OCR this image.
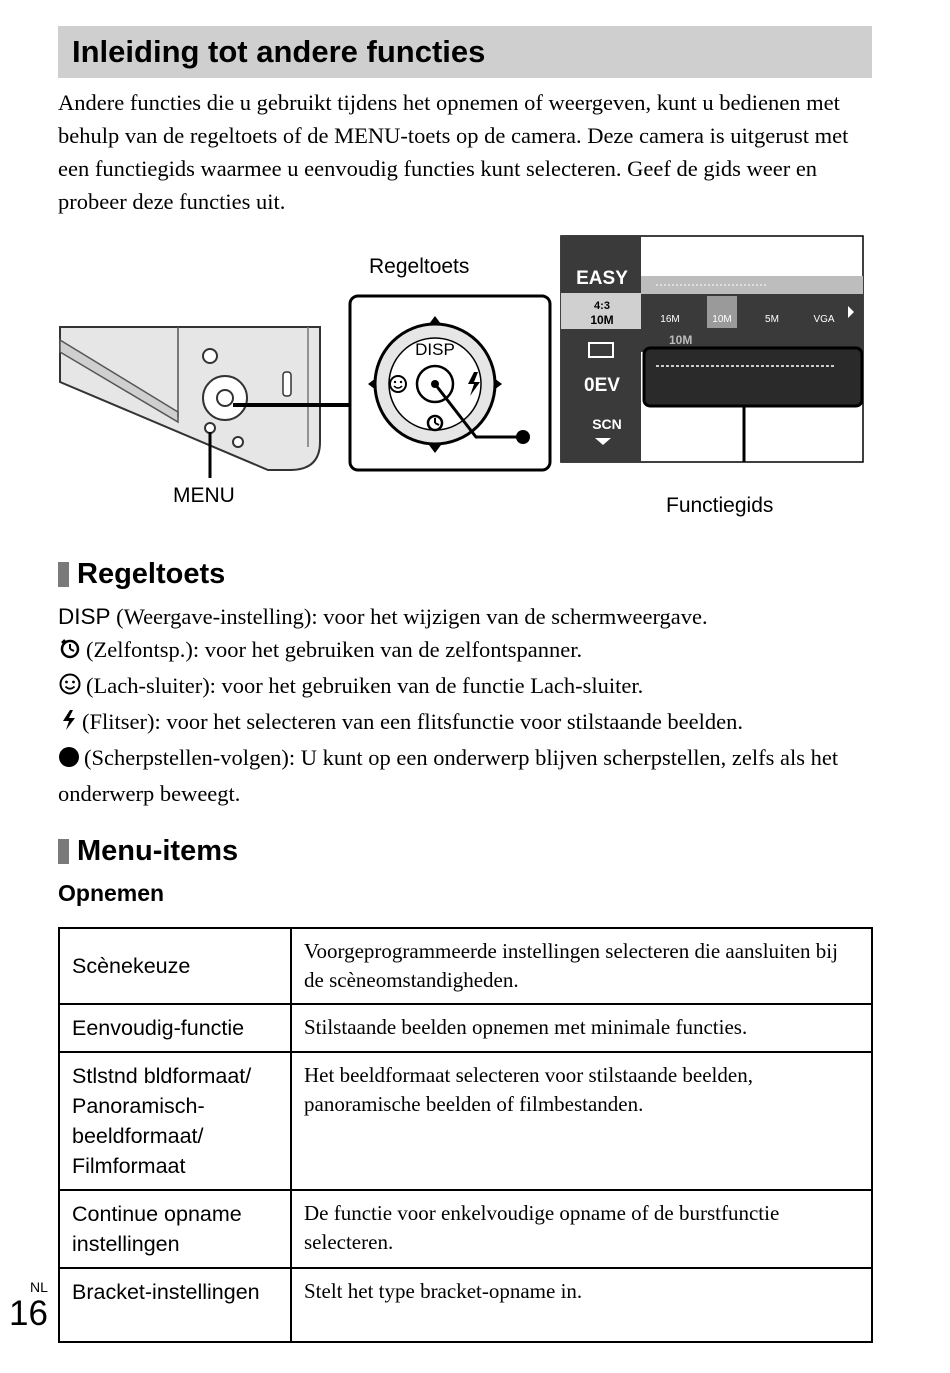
Inleiding tot andere functies

Andere functies die u gebruikt tijdens het opnemen of weergeven, kunt u bedienen met behulp van de regeltoets of de MENU-toets op de camera. Deze camera is uitgerust met een functiegids waarmee u eenvoudig functies kunt selecteren. Geef de gids weer en probeer deze functies uit.

EASY
0EV
SCN
4:3
10M
10M
16M	10M	5M	VGA
DISP
Regeltoets
MENU	Functiegids
Regeltoets

DISP (Weergave-instelling): voor het wijzigen van de schermweergave.

(Zelfontsp.): voor het gebruiken van de zelfontspanner.

(Lach-sluiter): voor het gebruiken van de functie Lach-sluiter.

(Flitser): voor het selecteren van een flitsfunctie voor stilstaande beelden.

(Scherpstellen-volgen): U kunt op een onderwerp blijven scherpstellen, zelfs als het onderwerp beweegt.

Menu-items
Opnemen
Scènekeuze	Voorgeprogrammeerde instellingen selecteren die aansluiten bij de scèneomstandigheden.
Eenvoudig-functie	Stilstaande beelden opnemen met minimale functies.
Stlstnd bldformaat/ Panoramisch-beeldformaat/ Filmformaat	Het beeldformaat selecteren voor stilstaande beelden, panoramische beelden of filmbestanden.
Continue opname instellingen	De functie voor enkelvoudige opname of de burstfunctie selecteren.
Bracket-instellingen	Stelt het type bracket-opname in.
NL
16
